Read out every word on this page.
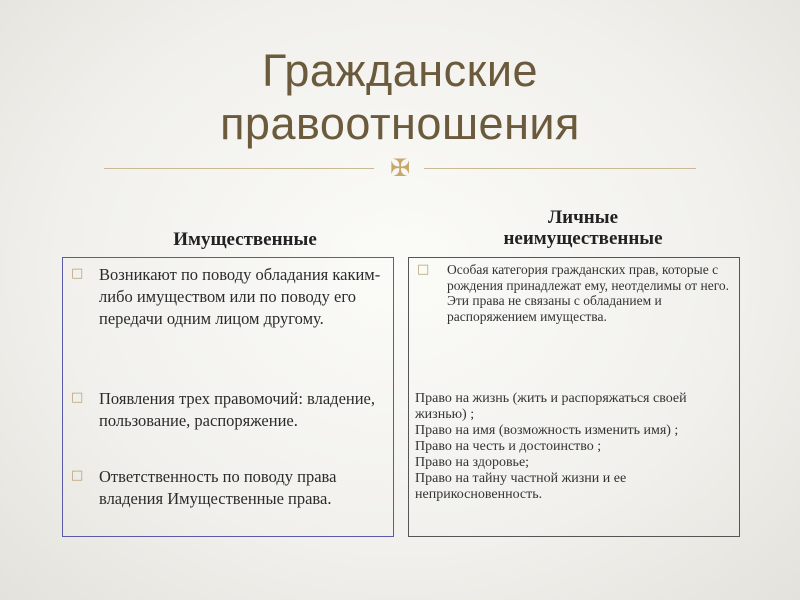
Гражданские
правоотношения
✠
Имущественные
Личные
неимущественные
□ Возникают по поводу обладания каким-либо имуществом или по поводу его передачи одним лицом другому.
□ Появления трех правомочий: владение, пользование, распоряжение.
□ Ответственность по поводу права владения Имущественные права.
□ Особая категория гражданских прав, которые с рождения принадлежат ему, неотделимы от него. Эти права не связаны с обладанием и распоряжением имущества.
Право на жизнь (жить и распоряжаться своей жизнью) ;
Право на имя (возможность изменить имя) ;
Право на честь и достоинство ;
Право на здоровье;
Право на тайну частной жизни и ее неприкосновенность.
